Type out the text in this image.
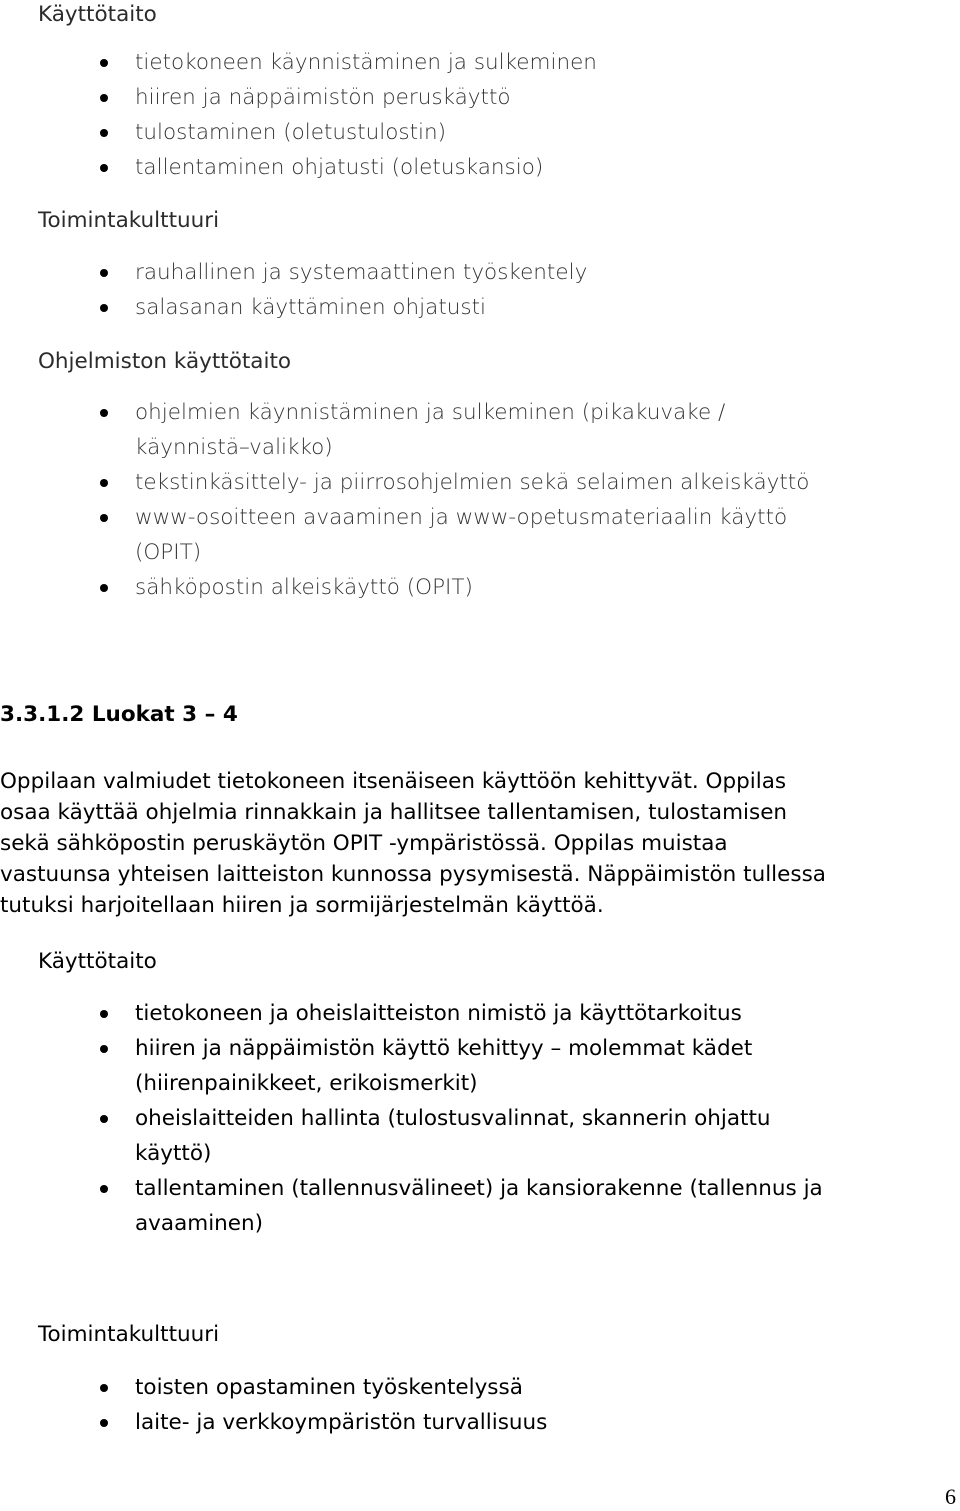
Käyttötaito
tietokoneen käynnistäminen ja sulkeminen
hiiren ja näppäimistön peruskäyttö
tulostaminen (oletustulostin)
tallentaminen ohjatusti (oletuskansio)
Toimintakulttuuri
rauhallinen ja systemaattinen työskentely
salasanan käyttäminen ohjatusti
Ohjelmiston käyttötaito
ohjelmien käynnistäminen ja sulkeminen (pikakuvake /
käynnistä–valikko)
tekstinkäsittely- ja piirrosohjelmien sekä selaimen alkeiskäyttö
www-osoitteen avaaminen ja www-opetusmateriaalin käyttö
(OPIT)
sähköpostin alkeiskäyttö (OPIT)
3.3.1.2 Luokat 3 – 4
Oppilaan valmiudet tietokoneen itsenäiseen käyttöön kehittyvät. Oppilas
osaa käyttää ohjelmia rinnakkain ja hallitsee tallentamisen, tulostamisen
sekä sähköpostin peruskäytön OPIT -ympäristössä. Oppilas muistaa
vastuunsa yhteisen laitteiston kunnossa pysymisestä. Näppäimistön tullessa
tutuksi harjoitellaan hiiren ja sormijärjestelmän käyttöä.
Käyttötaito
tietokoneen ja oheislaitteiston nimistö ja käyttötarkoitus
hiiren ja näppäimistön käyttö kehittyy – molemmat kädet
(hiirenpainikkeet, erikoismerkit)
oheislaitteiden hallinta (tulostusvalinnat, skannerin ohjattu
käyttö)
tallentaminen (tallennusvälineet) ja kansiorakenne (tallennus ja
avaaminen)
Toimintakulttuuri
toisten opastaminen työskentelyssä
laite- ja verkkoympäristön turvallisuus
6
